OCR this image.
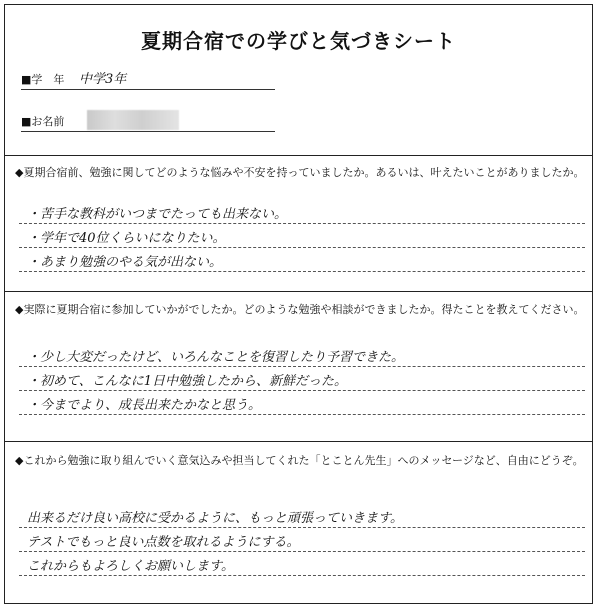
夏期合宿での学びと気づきシート
■学　年 中学3年
■お名前
◆夏期合宿前、勉強に関してどのような悩みや不安を持っていましたか。あるいは、叶えたいことがありましたか。
・苦手な教科がいつまでたっても出来ない。
・学年で40位くらいになりたい。
・あまり勉強のやる気が出ない。
◆実際に夏期合宿に参加していかがでしたか。どのような勉強や相談ができましたか。得たことを教えてください。
・少し大変だったけど、いろんなことを復習したり予習できた。
・初めて、こんなに1日中勉強したから、新鮮だった。
・今までより、成長出来たかなと思う。
◆これから勉強に取り組んでいく意気込みや担当してくれた「とことん先生」へのメッセージなど、自由にどうぞ。
出来るだけ良い高校に受かるように、もっと頑張っていきます。
テストでもっと良い点数を取れるようにする。
これからもよろしくお願いします。
